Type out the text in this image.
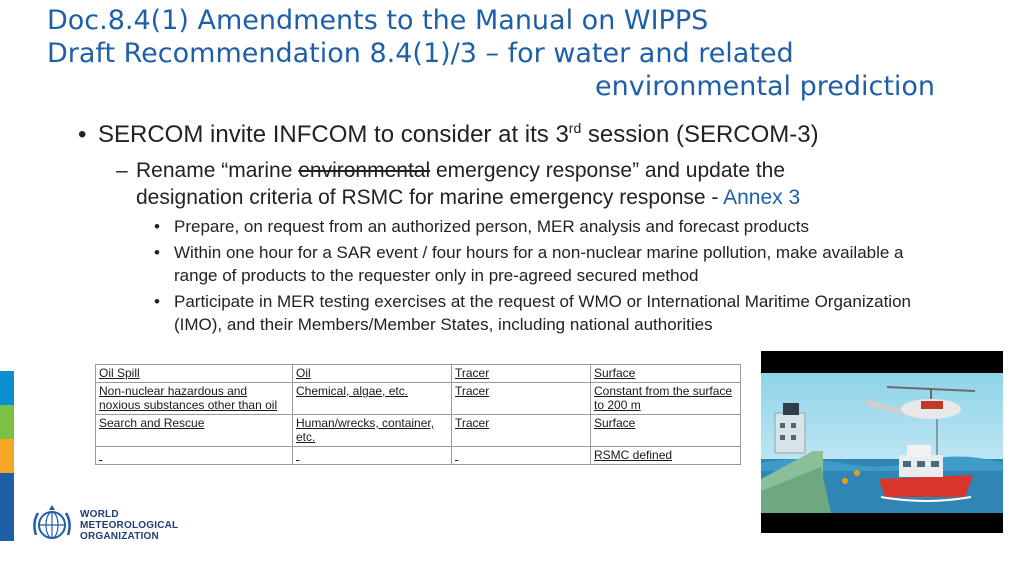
Doc.8.4(1) Amendments to the Manual on WIPPS
Draft Recommendation 8.4(1)/3 – for water and related
environmental prediction
• SERCOM invite INFCOM to consider at its 3rd session (SERCOM-3)
– Rename “marine environmental emergency response” and update the designation criteria of RSMC for marine emergency response - Annex 3
• Prepare, on request from an authorized person, MER analysis and forecast products
• Within one hour for a SAR event / four hours for a non-nuclear marine pollution, make available a range of products to the requester only in pre-agreed secured method
• Participate in MER testing exercises at the request of WMO or International Maritime Organization (IMO), and their Members/Member States, including national authorities
Oil Spill	Oil	Tracer	Surface
Non-nuclear hazardous and noxious substances other than oil	Chemical, algae, etc.	Tracer	Constant from the surface to 200 m
Search and Rescue	Human/wrecks, container, etc.	Tracer	Surface
			RSMC defined
WORLD
METEOROLOGICAL
ORGANIZATION
